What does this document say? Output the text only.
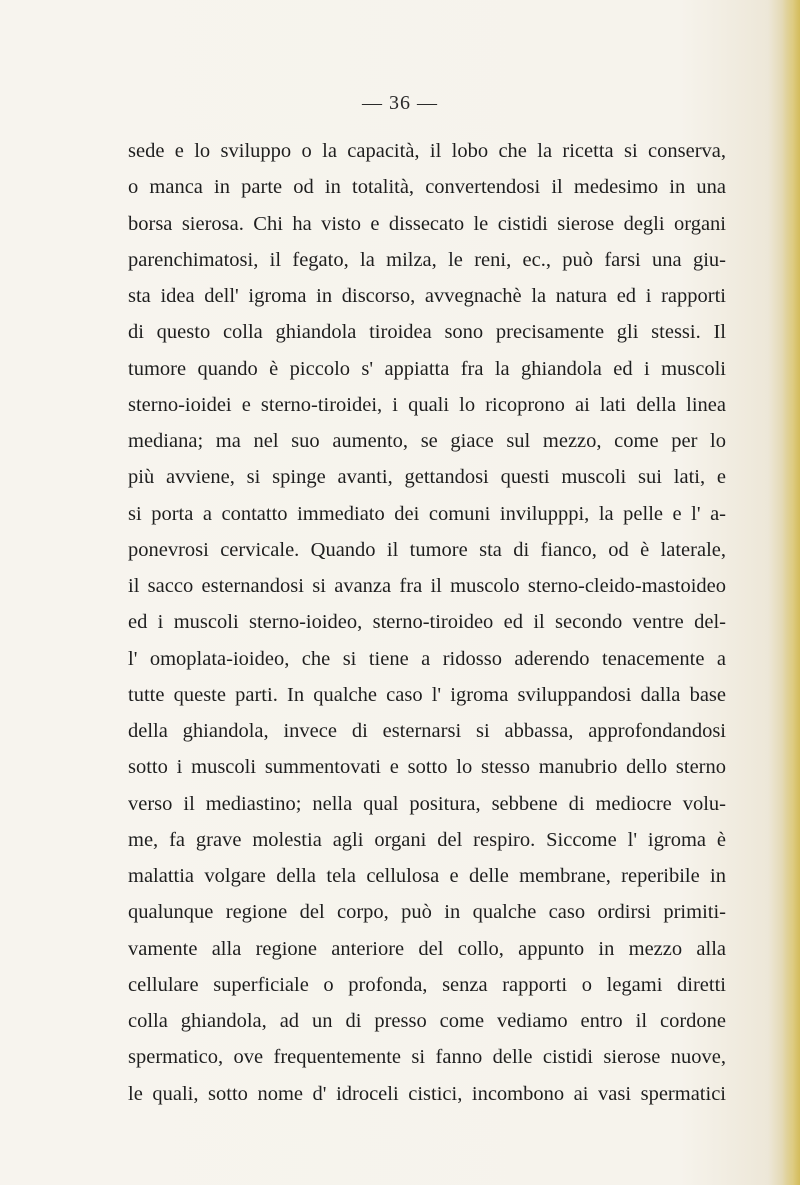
— 36 —
sede e lo sviluppo o la capacità, il lobo che la ricetta si conserva,
o manca in parte od in totalità, convertendosi il medesimo in una
borsa sierosa. Chi ha visto e dissecato le cistidi sierose degli organi
parenchimatosi, il fegato, la milza, le reni, ec., può farsi una giu-
sta idea dell' igroma in discorso, avvegnachè la natura ed i rapporti
di questo colla ghiandola tiroidea sono precisamente gli stessi. Il
tumore quando è piccolo s' appiatta fra la ghiandola ed i muscoli
sterno-ioidei e sterno-tiroidei, i quali lo ricoprono ai lati della linea
mediana; ma nel suo aumento, se giace sul mezzo, come per lo
più avviene, si spinge avanti, gettandosi questi muscoli sui lati, e
si porta a contatto immediato dei comuni invilupppi, la pelle e l' a-
ponevrosi cervicale. Quando il tumore sta di fianco, od è laterale,
il sacco esternandosi si avanza fra il muscolo sterno-cleido-mastoideo
ed i muscoli sterno-ioideo, sterno-tiroideo ed il secondo ventre del-
l' omoplata-ioideo, che si tiene a ridosso aderendo tenacemente a
tutte queste parti. In qualche caso l' igroma sviluppandosi dalla base
della ghiandola, invece di esternarsi si abbassa, approfondandosi
sotto i muscoli summentovati e sotto lo stesso manubrio dello sterno
verso il mediastino; nella qual positura, sebbene di mediocre volu-
me, fa grave molestia agli organi del respiro. Siccome l' igroma è
malattia volgare della tela cellulosa e delle membrane, reperibile in
qualunque regione del corpo, può in qualche caso ordirsi primiti-
vamente alla regione anteriore del collo, appunto in mezzo alla
cellulare superficiale o profonda, senza rapporti o legami diretti
colla ghiandola, ad un di presso come vediamo entro il cordone
spermatico, ove frequentemente si fanno delle cistidi sierose nuove,
le quali, sotto nome d' idroceli cistici, incombono ai vasi spermatici
